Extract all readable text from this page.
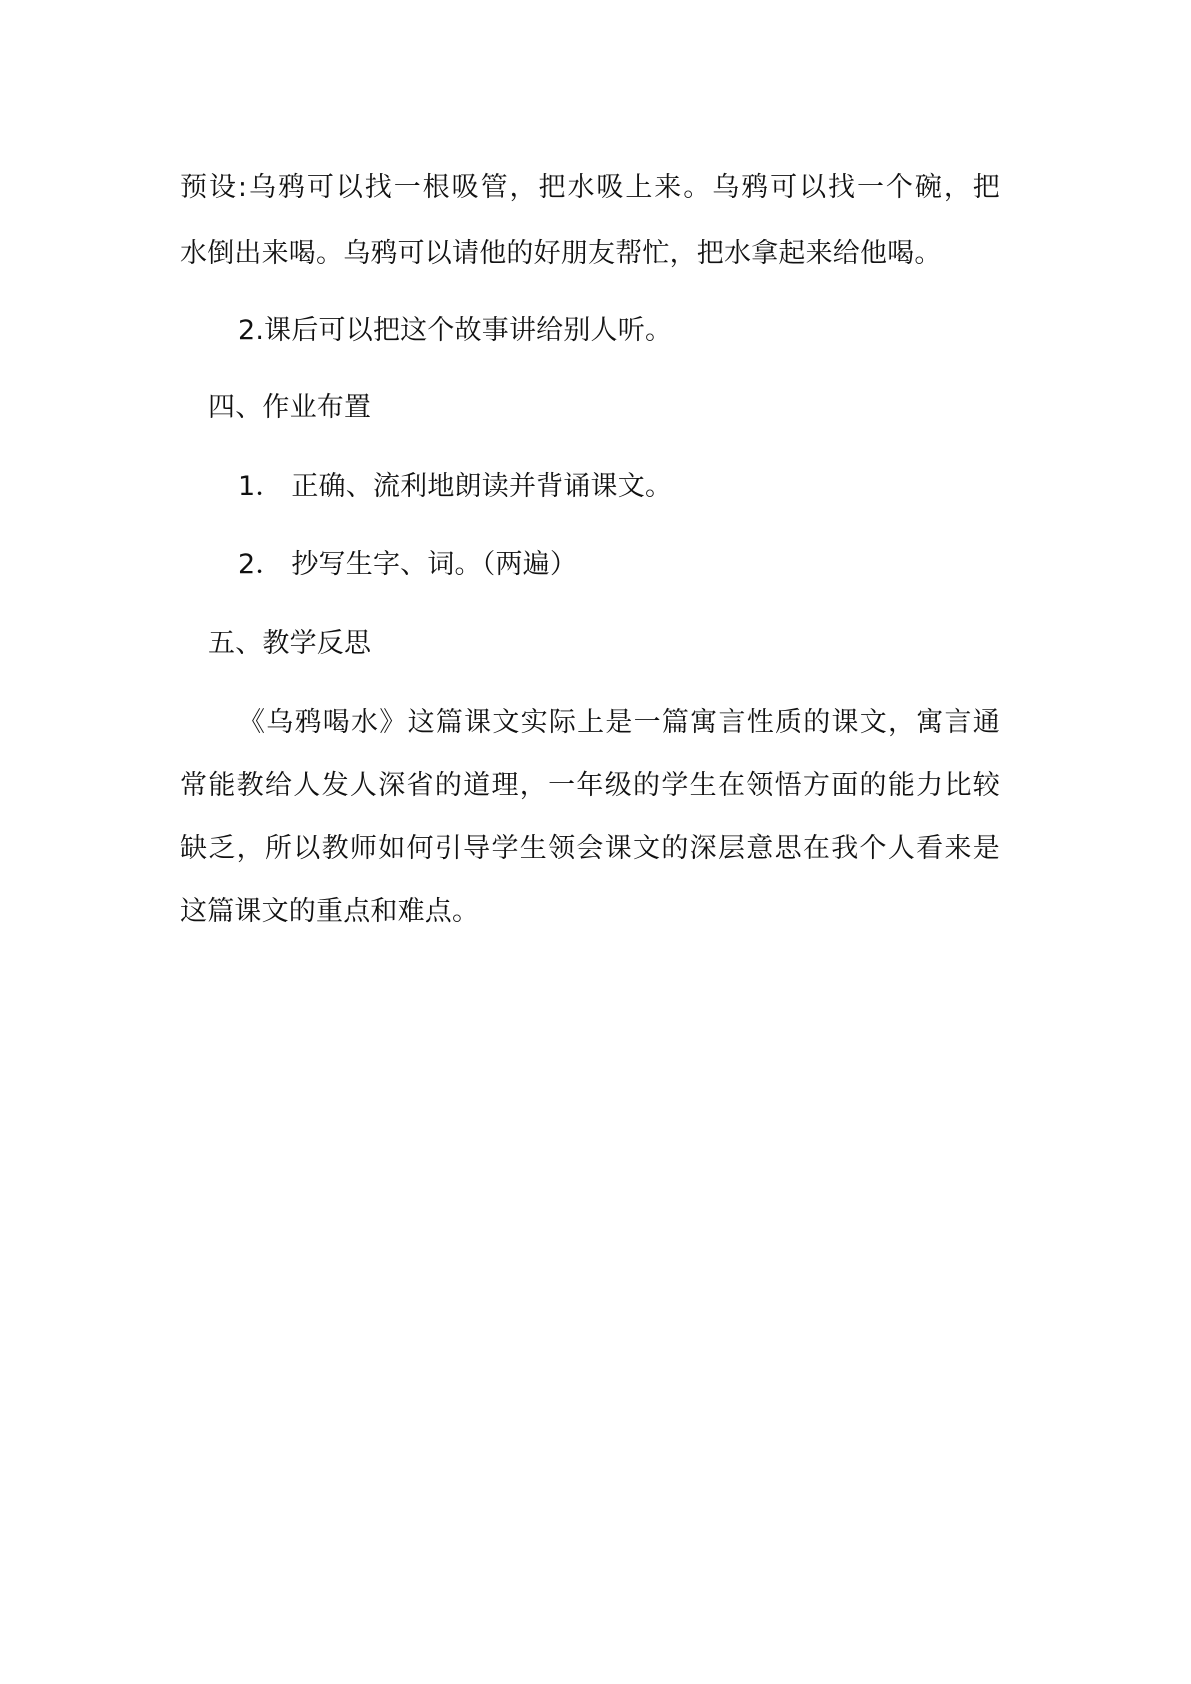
预设:乌鸦可以找一根吸管，把水吸上来。乌鸦可以找一个碗，把

水倒出来喝。乌鸦可以请他的好朋友帮忙，把水拿起来给他喝。

2.课后可以把这个故事讲给别人听。

四、作业布置

1． 正确、流利地朗读并背诵课文。

2． 抄写生字、词。（两遍）

五、教学反思

《乌鸦喝水》这篇课文实际上是一篇寓言性质的课文，寓言通

常能教给人发人深省的道理，一年级的学生在领悟方面的能力比较

缺乏，所以教师如何引导学生领会课文的深层意思在我个人看来是

这篇课文的重点和难点。
